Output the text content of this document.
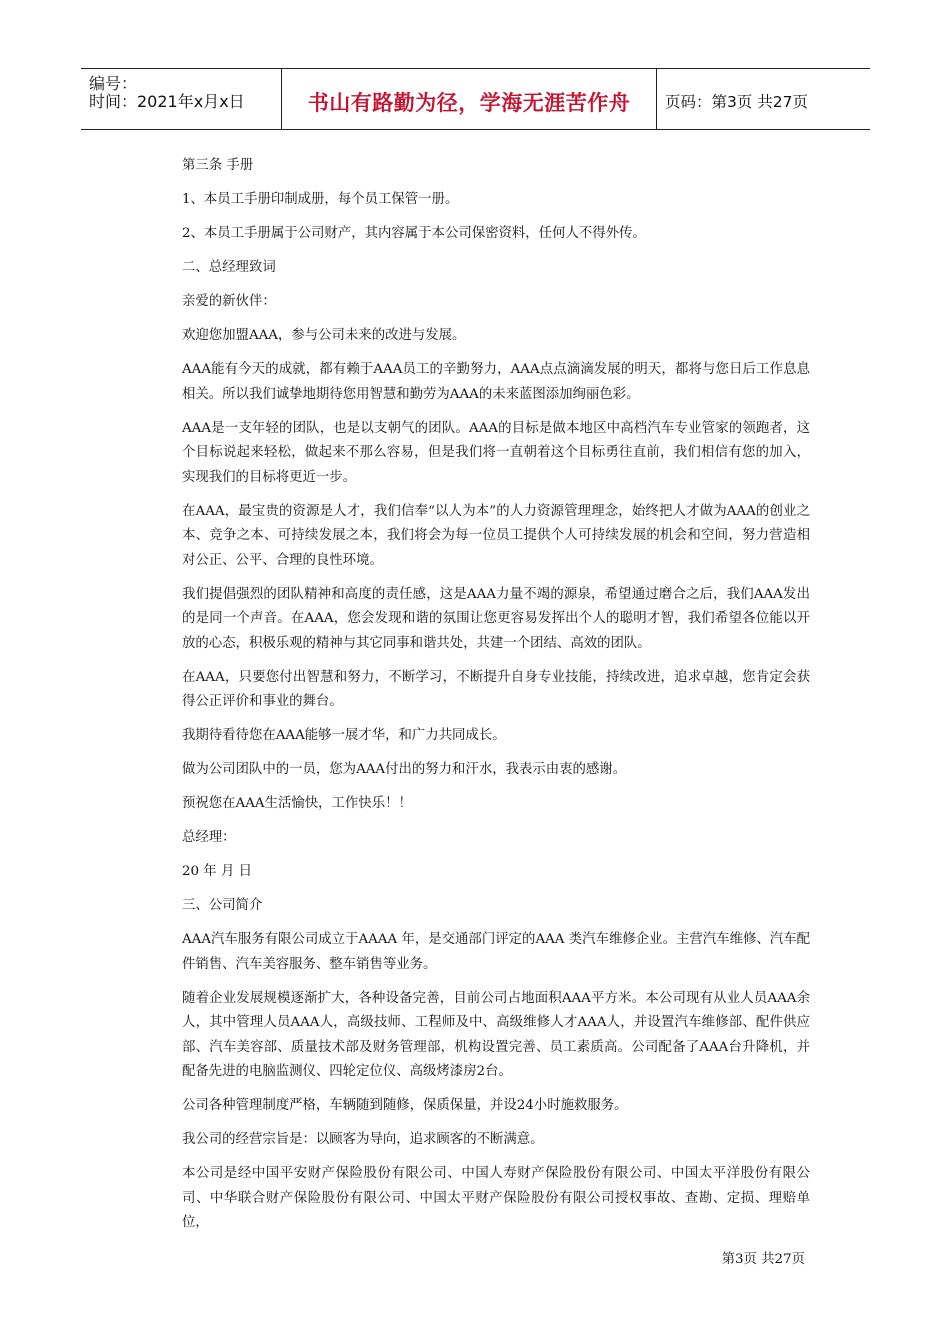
编号：
时间：2021年x月x日	书山有路勤为径，学海无涯苦作舟	页码：第3页 共27页

第三条 手册

1、本员工手册印制成册，每个员工保管一册。

2、本员工手册属于公司财产，其内容属于本公司保密资料，任何人不得外传。

二、总经理致词

亲爱的新伙伴：

欢迎您加盟AAA，参与公司未来的改进与发展。

AAA能有今天的成就，都有赖于AAA员工的辛勤努力，AAA点点滴滴发展的明天，都将与您日后工作息息相关。所以我们诚挚地期待您用智慧和勤劳为AAA的未来蓝图添加绚丽色彩。

AAA是一支年轻的团队，也是以支朝气的团队。AAA的目标是做本地区中高档汽车专业管家的领跑者，这个目标说起来轻松，做起来不那么容易，但是我们将一直朝着这个目标勇往直前，我们相信有您的加入，实现我们的目标将更近一步。

在AAA，最宝贵的资源是人才，我们信奉“以人为本”的人力资源管理理念，始终把人才做为AAA的创业之本、竞争之本、可持续发展之本，我们将会为每一位员工提供个人可持续发展的机会和空间，努力营造相对公正、公平、合理的良性环境。

我们提倡强烈的团队精神和高度的责任感，这是AAA力量不竭的源泉，希望通过磨合之后，我们AAA发出的是同一个声音。在AAA，您会发现和谐的氛围让您更容易发挥出个人的聪明才智，我们希望各位能以开放的心态，积极乐观的精神与其它同事和谐共处，共建一个团结、高效的团队。

在AAA，只要您付出智慧和努力，不断学习，不断提升自身专业技能，持续改进，追求卓越，您肯定会获得公正评价和事业的舞台。

我期待看待您在AAA能够一展才华，和广力共同成长。

做为公司团队中的一员，您为AAA付出的努力和汗水，我表示由衷的感谢。

预祝您在AAA生活愉快，工作快乐！！

总经理：

20 年 月 日

三、公司简介

AAA汽车服务有限公司成立于AAAA 年，是交通部门评定的AAA 类汽车维修企业。主营汽车维修、汽车配件销售、汽车美容服务、整车销售等业务。

随着企业发展规模逐渐扩大，各种设备完善，目前公司占地面积AAA平方米。本公司现有从业人员AAA余人，其中管理人员AAA人，高级技师、工程师及中、高级维修人才AAA人，并设置汽车维修部、配件供应部、汽车美容部、质量技术部及财务管理部，机构设置完善、员工素质高。公司配备了AAA台升降机，并配备先进的电脑监测仪、四轮定位仪、高级烤漆房2台。

公司各种管理制度严格，车辆随到随修，保质保量，并设24小时施救服务。

我公司的经营宗旨是：以顾客为导向，追求顾客的不断满意。

本公司是经中国平安财产保险股份有限公司、中国人寿财产保险股份有限公司、中国太平洋股份有限公司、中华联合财产保险股份有限公司、中国太平财产保险股份有限公司授权事故、查勘、定损、理赔单位，

第3页 共27页
